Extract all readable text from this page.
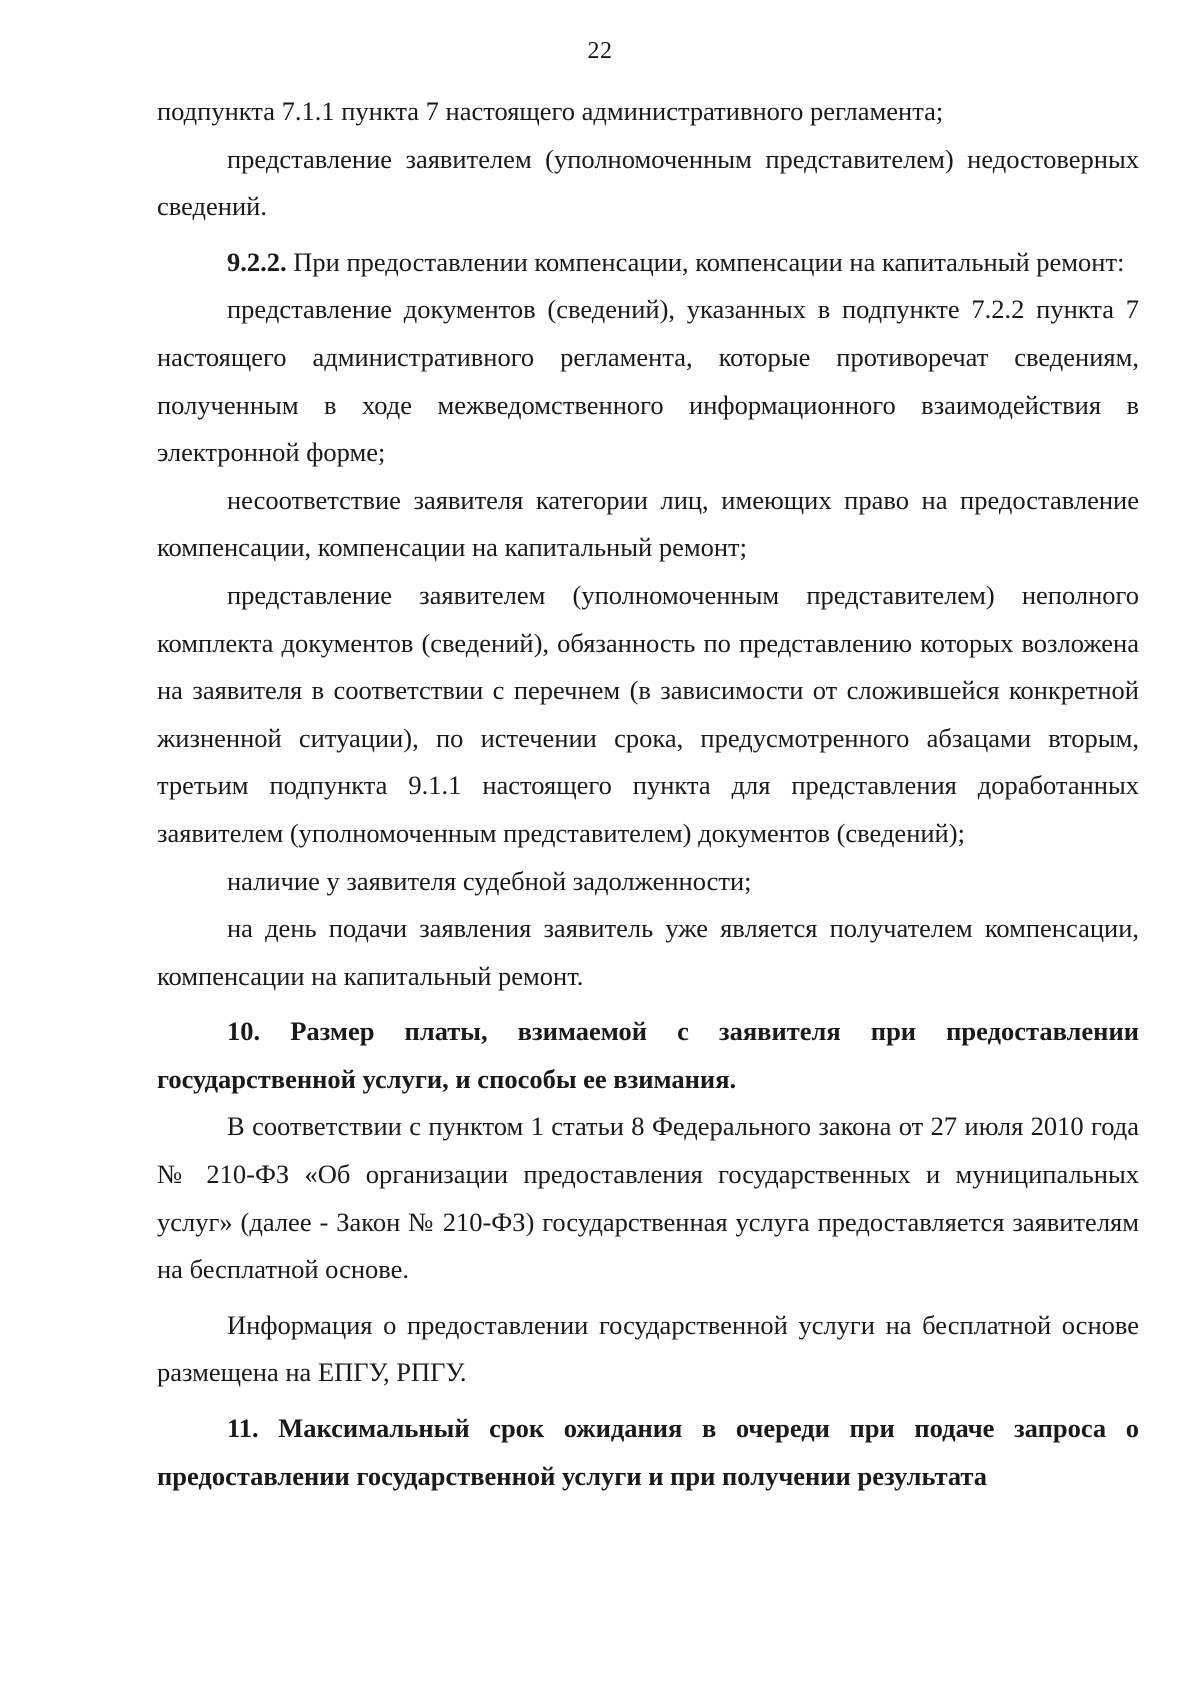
22

подпункта 7.1.1 пункта 7 настоящего административного регламента;

представление заявителем (уполномоченным представителем) недостоверных сведений.

9.2.2. При предоставлении компенсации, компенсации на капитальный ремонт:

представление документов (сведений), указанных в подпункте 7.2.2 пункта 7 настоящего административного регламента, которые противоречат сведениям, полученным в ходе межведомственного информационного взаимодействия в электронной форме;

несоответствие заявителя категории лиц, имеющих право на предоставление компенсации, компенсации на капитальный ремонт;

представление заявителем (уполномоченным представителем) неполного комплекта документов (сведений), обязанность по представлению которых возложена на заявителя в соответствии с перечнем (в зависимости от сложившейся конкретной жизненной ситуации), по истечении срока, предусмотренного абзацами вторым, третьим подпункта 9.1.1 настоящего пункта для представления доработанных заявителем (уполномоченным представителем) документов (сведений);

наличие у заявителя судебной задолженности;

на день подачи заявления заявитель уже является получателем компенсации, компенсации на капитальный ремонт.

10. Размер платы, взимаемой с заявителя при предоставлении государственной услуги, и способы ее взимания.

В соответствии с пунктом 1 статьи 8 Федерального закона от 27 июля 2010 года № 210-ФЗ «Об организации предоставления государственных и муниципальных услуг» (далее - Закон № 210-ФЗ) государственная услуга предоставляется заявителям на бесплатной основе.

Информация о предоставлении государственной услуги на бесплатной основе размещена на ЕПГУ, РПГУ.

11. Максимальный срок ожидания в очереди при подаче запроса о предоставлении государственной услуги и при получении результата
